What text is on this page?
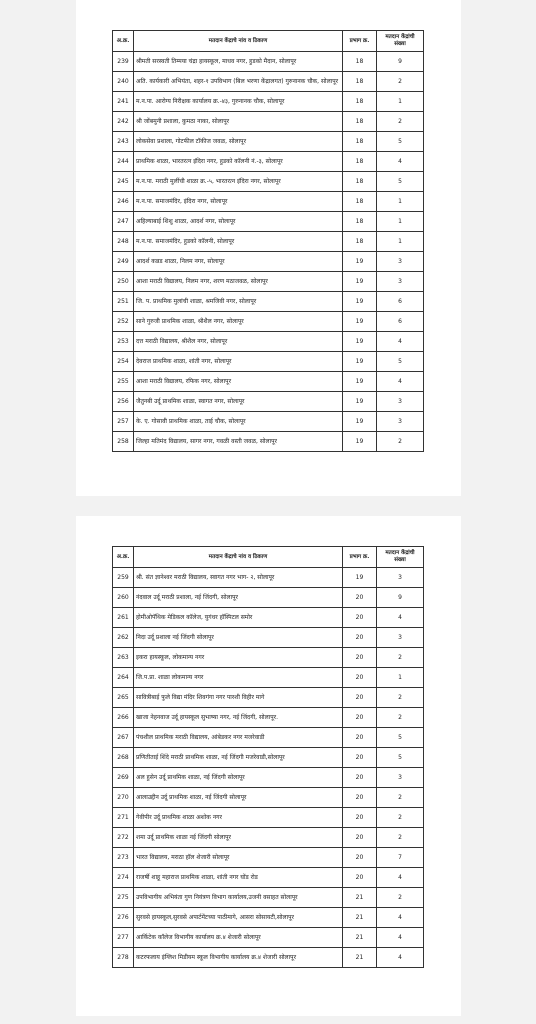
अ.क्र.	मतदान केंद्राचे नांव व ठिकाण	प्रभाग क्र.	मतदान केंद्रांची संख्या
239	श्रीमती सरस्वती तिम्मया चंद्रा हायस्कूल, माधव नगर, हुडको मैदान, सोलापूर	18	9
240	अति. कार्यकारी अभियंता, शहर-१ उपविभाग (बिल भरणा केंद्रालगत) गुरुनानक चौक, सोलापूर	18	2
241	म.न.पा. आरोग्य निरीक्षक कार्यालय क्र.-४३, गुरुनानक चौक, सोलापूर	18	1
242	श्री जोंबमुनी प्रशाला, कुमठा नाका, सोलापूर	18	2
243	लोकसेवा प्रशाला, गोटफील टॉकीज जवळ, सोलापूर	18	5
244	प्राथमिक शाळा, भारतरत्न इंदिरा नगर, हुडको कॉलनी नं.-३, सोलापूर	18	4
245	म.न.पा. मराठी मुलींची शाळा क्र.-५, भारतरत्न इंदिरा नगर, सोलापूर	18	5
246	म.न.पा. समाजमंदिर, इंदिरा नगर, सोलापूर	18	1
247	अहिल्याबाई शिशु शाळा, आदर्श नगर, सोलापूर	18	1
248	म.न.पा. समाजमंदिर, हुडको कॉलनी, सोलापूर	18	1
249	आदर्श कन्नड शाळा, निलम नगर, सोलापूर	19	3
250	आशा मराठी विद्यालय, निलम नगर, शरण मठाजवळ, सोलापूर	19	3
251	जि. प. प्राथमिक मुलांची शाळा, श्रमजिवी नगर, सोलापूर	19	6
252	साने गुरुजी प्राथमिक शाळा, श्रीशैल नगर, सोलापूर	19	6
253	दत्त मराठी विद्यालय, श्रीशैल नगर, सोलापूर	19	4
254	देवराज प्राथमिक शाळा, शांती नगर, सोलापूर	19	5
255	आशा मराठी विद्यालय, रफिक नगर, सोलापूर	19	4
256	जैतुनबी उर्दू प्राथमिक शाळा, स्वागत नगर, सोलापूर	19	3
257	के. ए. गोसावी प्राथमिक शाळा, ताई चौक, सोलापूर	19	3
258	जिल्हा मतिमंद विद्यालय, सागर नगर, गवळी वस्ती जवळ, सोलापूर	19	2
अ.क्र.	मतदान केंद्राचे नांव व ठिकाण	प्रभाग क्र.	मतदान केंद्रांची संख्या
259	श्री. संत ज्ञानेश्वर मराठी विद्यालय, स्वागत नगर भाग- २, सोलापूर	19	3
260	नंदवाल उर्दू मराठी प्रशाला, नई जिंदगी, सोलापूर	20	9
261	होमीओपॅथिक मेडिकल कॉलेज, युगंधर हॉस्पिटल समोर	20	4
262	निदा उर्दू प्रशाला नई जिंदगी सोलापूर	20	3
263	इकरा हायस्कूल, लोकमान्य नगर	20	2
264	जि.प.प्रा. शाळा लोकमान्य नगर	20	1
265	सावित्रीबाई फुले विद्या मंदिर शिवगंगा नगर पारशी विहीर मागे	20	2
266	खाजा नेहनवाज उर्दू हायस्कूल सुभाष्या नगर, नई जिंदगी, सोलापूर.	20	2
267	पंचशील प्राथमिक मराठी विद्यालय, आंबेडकर नगर मजरेवाडी	20	5
268	प्रणितीताई शिंदे मराठी प्राथमिक शाळा, नई जिंदगी मजरेवाडी,सोलापूर	20	5
269	अल हुसेन उर्दू प्राथमिक शाळा, नई जिंदगी सोलापूर	20	3
270	आलाउद्दीन उर्दू प्राथमिक शाळा, नई जिंदगी सोलापूर	20	2
271	गेवीपीर उर्दू प्राथमिक शाळा अशोक नगर	20	2
272	शमा उर्दू प्राथमिक शाळा नई जिंदगी सोलापूर	20	2
273	भारत विद्यालय, मराठा हॉल शेजारी सोलापूर	20	7
274	राजर्षी शाहू महाराज प्राथमिक शाळा, शांती नगर घोंड रोड	20	4
275	उपविभागीय अभियंता गुण नियंत्रण विभाग कार्यालय,उजनी वसाहत सोलापूर	21	2
276	सुरवसे हायस्कूल,सुरवसे अपार्टमेंटच्या पाठीमागे, आसरा सोसायटी,सोलापूर	21	4
277	आर्किटेक कॉलेज विभागीय कार्यालय क्र.४ शेजारी सोलापूर	21	4
278	कटरफलाय इंग्लिश मिडीयम स्कूल विभागीय कार्यालय क्र.४ शेजारी सोलापूर	21	4
